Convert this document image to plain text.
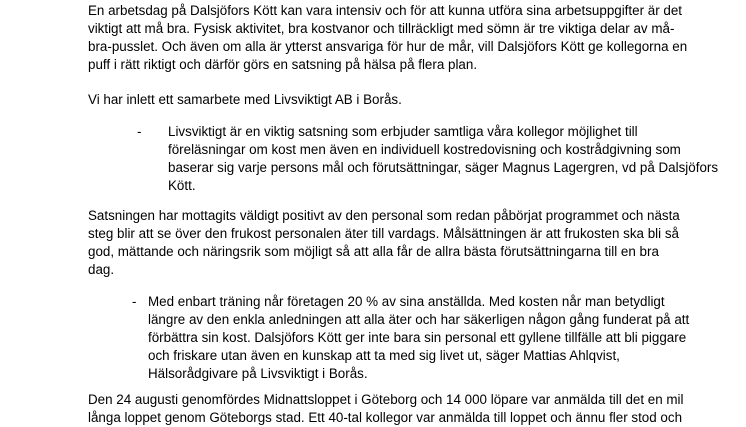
En arbetsdag på Dalsjöfors Kött kan vara intensiv och för att kunna utföra sina arbetsuppgifter är det
viktigt att må bra. Fysisk aktivitet, bra kostvanor och tillräckligt med sömn är tre viktiga delar av må-
bra-pusslet. Och även om alla är ytterst ansvariga för hur de mår, vill Dalsjöfors Kött ge kollegorna en
puff i rätt riktigt och därför görs en satsning på hälsa på flera plan.
Vi har inlett ett samarbete med Livsviktigt AB i Borås.
- Livsviktigt är en viktig satsning som erbjuder samtliga våra kollegor möjlighet till
föreläsningar om kost men även en individuell kostredovisning och kostrådgivning som
baserar sig varje persons mål och förutsättningar, säger Magnus Lagergren, vd på Dalsjöfors
Kött.
Satsningen har mottagits väldigt positivt av den personal som redan påbörjat programmet och nästa
steg blir att se över den frukost personalen äter till vardags. Målsättningen är att frukosten ska bli så
god, mättande och näringsrik som möjligt så att alla får de allra bästa förutsättningarna till en bra
dag.
- Med enbart träning når företagen 20 % av sina anställda. Med kosten når man betydligt
längre av den enkla anledningen att alla äter och har säkerligen någon gång funderat på att
förbättra sin kost. Dalsjöfors Kött ger inte bara sin personal ett gyllene tillfälle att bli piggare
och friskare utan även en kunskap att ta med sig livet ut, säger Mattias Ahlqvist,
Hälsorådgivare på Livsviktigt i Borås.
Den 24 augusti genomfördes Midnattsloppet i Göteborg och 14 000 löpare var anmälda till det en mil
långa loppet genom Göteborgs stad. Ett 40-tal kollegor var anmälda till loppet och ännu fler stod och
